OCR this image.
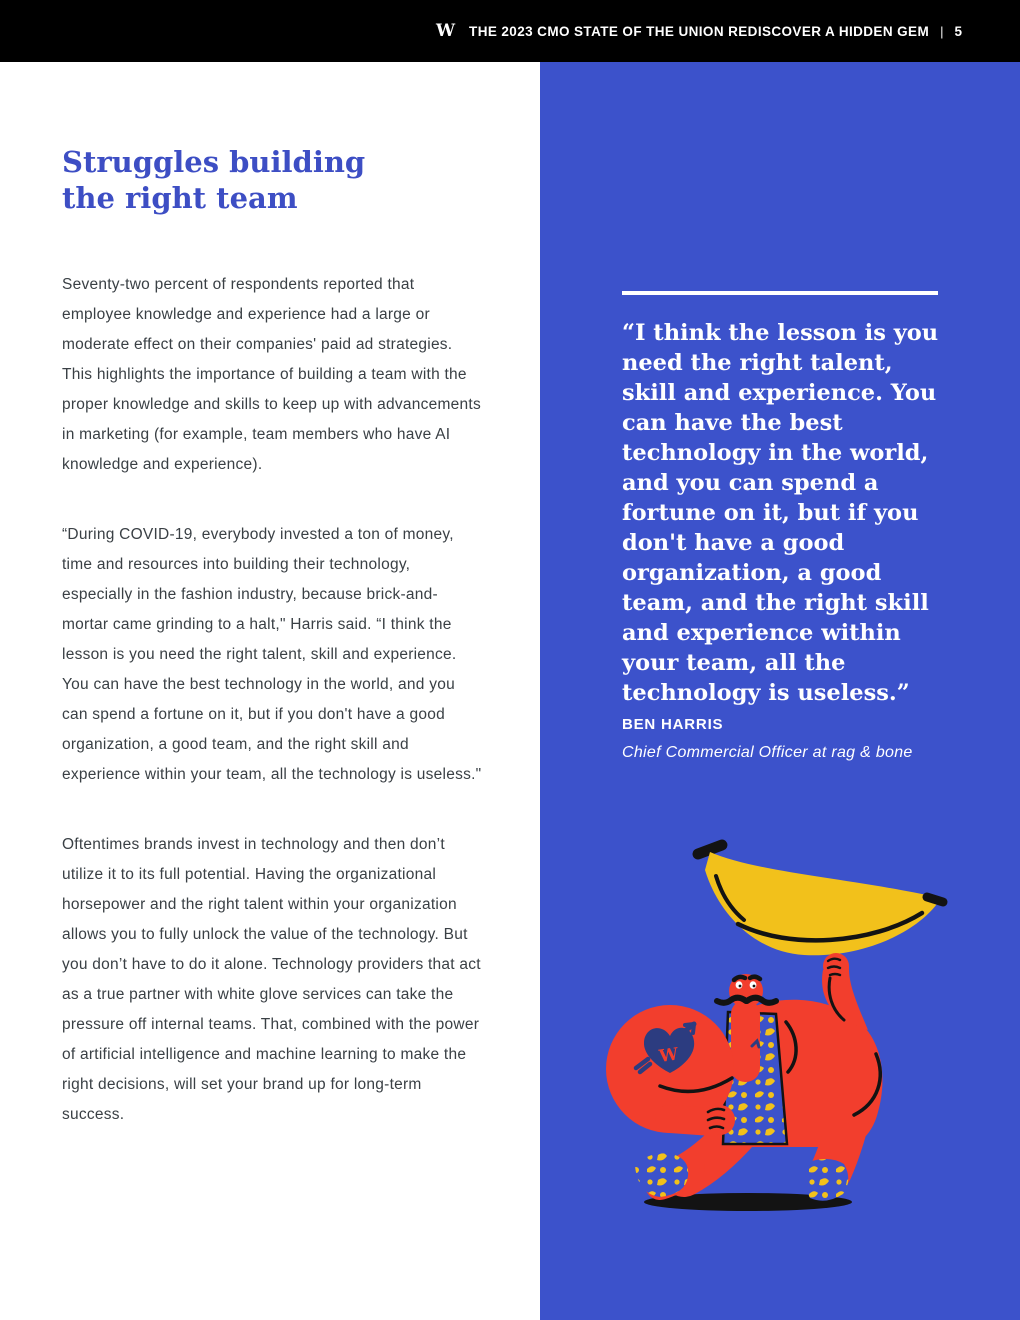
W THE 2023 CMO STATE OF THE UNION REDISCOVER A HIDDEN GEM | 5
Struggles building
the right team

Seventy-two percent of respondents reported that employee knowledge and experience had a large or moderate effect on their companies' paid ad strategies. This highlights the importance of building a team with the proper knowledge and skills to keep up with advancements in marketing (for example, team members who have AI knowledge and experience).

“During COVID-19, everybody invested a ton of money, time and resources into building their technology, especially in the fashion industry, because brick-and-mortar came grinding to a halt," Harris said. “I think the lesson is you need the right talent, skill and experience. You can have the best technology in the world, and you can spend a fortune on it, but if you don't have a good organization, a good team, and the right skill and experience within your team, all the technology is useless."

Oftentimes brands invest in technology and then don’t utilize it to its full potential. Having the organizational horsepower and the right talent within your organization allows you to fully unlock the value of the technology. But you don’t have to do it alone. Technology providers that act as a true partner with white glove services can take the pressure off internal teams. That, combined with the power of artificial intelligence and machine learning to make the right decisions, will set your brand up for long-term success.

“I think the lesson is you need the right talent, skill and experience. You can have the best technology in the world, and you can spend a fortune on it, but if you don't have a good organization, a good team, and the right skill and experience within your team, all the technology is useless.”
BEN HARRIS
Chief Commercial Officer at rag & bone
W
